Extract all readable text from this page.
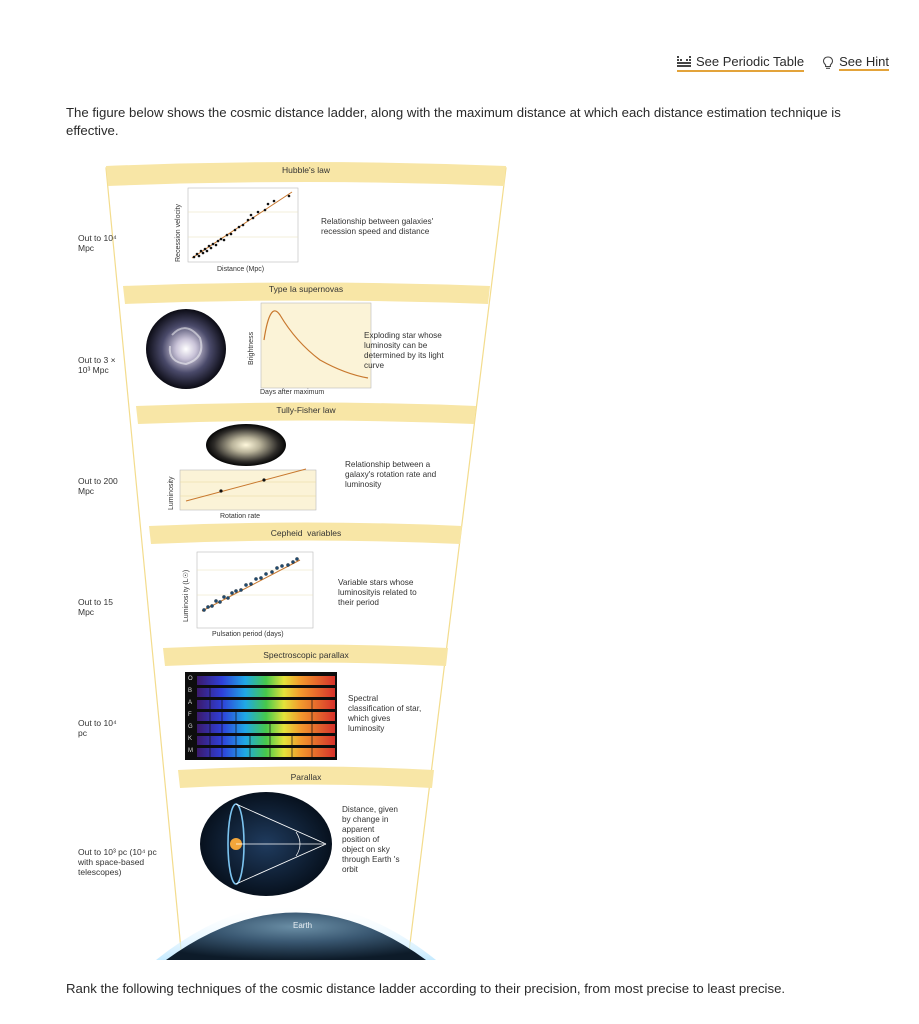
See Periodic Table	See Hint
The figure below shows the cosmic distance ladder, along with the maximum distance at which each distance estimation technique is effective.
Hubble's law
Type Ia supernovas
Tully-Fisher law
Cepheid  variables
Spectroscopic parallax
Parallax
Out to 10⁴ Mpc
Out to 3 × 10³ Mpc
Out to 200 Mpc
Out to 15 Mpc
Out to 10⁴ pc
Out to 10³ pc (10⁴ pc with space-based telescopes)
Relationship between galaxies' recession speed and distance
Exploding star whose luminosity can be determined by its light curve
Relationship between a galaxy's rotation rate and luminosity
Variable stars whose luminosityis related to their period
Spectral classification of star, which gives luminosity
Distance, given by change in apparent position of object on sky through Earth 's orbit
Distance (Mpc)
Recession velocity
Days after maximum
Brightness
Rotation rate
Luminosity
Pulsation period (days)
Luminosi ty (L☉)
O
B
A
F
G
K
M
Earth
Rank the following techniques of the cosmic distance ladder according to their precision, from most precise to least precise.
